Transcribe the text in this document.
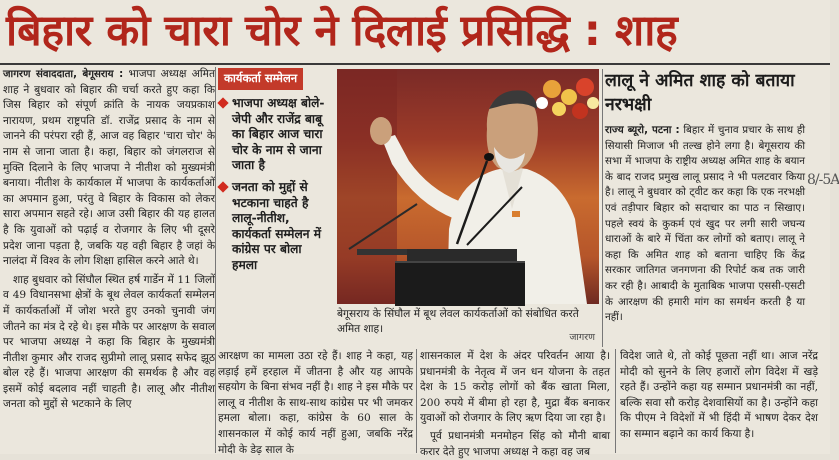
बिहार को चारा चोर ने दिलाई प्रसिद्धि : शाह

जागरण संवाददाता, बेगूसराय : भाजपा अध्यक्ष अमित शाह ने बुधवार को बिहार की चर्चा करते हुए कहा कि जिस बिहार को संपूर्ण क्रांति के नायक जयप्रकाश नारायण, प्रथम राष्ट्रपति डॉ. राजेंद्र प्रसाद के नाम से जानने की परंपरा रही हैं, आज वह बिहार 'चारा चोर' के नाम से जाना जाता है। कहा, बिहार को जंगलराज से मुक्ति दिलाने के लिए भाजपा ने नीतीश को मुख्यमंत्री बनाया। नीतीश के कार्यकाल में भाजपा के कार्यकर्ताओं का अपमान हुआ, परंतु वे बिहार के विकास को लेकर सारा अपमान सहते रहे। आज उसी बिहार की यह हालत है कि युवाओं को पढ़ाई व रोजगार के लिए भी दूसरे प्रदेश जाना पड़ता है, जबकि यह वही बिहार है जहां के नालंदा में विश्व के लोग शिक्षा हासिल करने आते थे।

शाह बुधवार को सिंघौल स्थित हर्ष गार्डेन में 11 जिलों व 49 विधानसभा क्षेत्रों के बूथ लेवल कार्यकर्ता सम्मेलन में कार्यकर्ताओं में जोश भरते हुए उनको चुनावी जंग जीतने का मंत्र दे रहे थे। इस मौके पर आरक्षण के सवाल पर भाजपा अध्यक्ष ने कहा कि बिहार के मुख्यमंत्री नीतीश कुमार और राजद सुप्रीमो लालू प्रसाद सफेद झूठ बोल रहे हैं। भाजपा आरक्षण की समर्थक है और वह इसमें कोई बदलाव नहीं चाहती है। लालू और नीतीश जनता को मुद्दों से भटकाने के लिए

कार्यकर्ता सम्मेलन
भाजपा अध्यक्ष बोले-जेपी और राजेंद्र बाबू का बिहार आज चारा चोर के नाम से जाना जाता है
जनता को मुद्दों से भटकाना चाहते है लालू-नीतीश, कार्यकर्ता सम्मेलन में कांग्रेस पर बोला हमला
बेगूसराय के सिंघौल में बूथ लेवल कार्यकर्ताओं को संबोधित करते अमित शाह।
जागरण
लालू ने अमित शाह को बताया नरभक्षी
राज्य ब्यूरो, पटना : बिहार में चुनाव प्रचार के साथ ही सियासी मिजाज भी तल्ख होने लगा है। बेगूसराय की सभा में भाजपा के राष्ट्रीय अध्यक्ष अमित शाह के बयान के बाद राजद प्रमुख लालू प्रसाद ने भी पलटवार किया है। लालू ने बुधवार को ट्वीट कर कहा कि एक नरभक्षी एवं तड़ीपार बिहार को सदाचार का पाठ न सिखाए। पहले स्वयं के कुकर्म एवं खुद पर लगी सारी जघन्य धाराओं के बारे में चिंता कर लोगों को बताए। लालू ने कहा कि अमित शाह को बताना चाहिए कि केंद्र सरकार जातिगत जनगणना की रिपोर्ट कब तक जारी कर रही है। आबादी के मुताबिक भाजपा एससी-एसटी के आरक्षण की हमारी मांग का समर्थन करती है या नहीं।
8/-5A

आरक्षण का मामला उठा रहे हैं। शाह ने कहा, यह लड़ाई हमें हरहाल में जीतना है और यह आपके सहयोग के बिना संभव नहीं है। शाह ने इस मौके पर लालू व नीतीश के साथ-साथ कांग्रेस पर भी जमकर हमला बोला। कहा, कांग्रेस के 60 साल के शासनकाल में कोई कार्य नहीं हुआ, जबकि नरेंद्र मोदी के डेढ़ साल के

शासनकाल में देश के अंदर परिवर्तन आया है। प्रधानमंत्री के नेतृत्व में जन धन योजना के तहत देश के 15 करोड़ लोगों को बैंक खाता मिला, 200 रुपये में बीमा हो रहा है, मुद्रा बैंक बनाकर युवाओं को रोजगार के लिए ऋण दिया जा रहा है।

पूर्व प्रधानमंत्री मनमोहन सिंह को मौनी बाबा करार देते हुए भाजपा अध्यक्ष ने कहा वह जब

विदेश जाते थे, तो कोई पूछता नहीं था। आज नरेंद्र मोदी को सुनने के लिए हजारों लोग विदेश में खड़े रहते हैं। उन्होंने कहा यह सम्मान प्रधानमंत्री का नहीं, बल्कि सवा सौ करोड़ देशवासियों का है। उन्होंने कहा कि पीएम ने विदेशों में भी हिंदी में भाषण देकर देश का सम्मान बढ़ाने का कार्य किया है।
